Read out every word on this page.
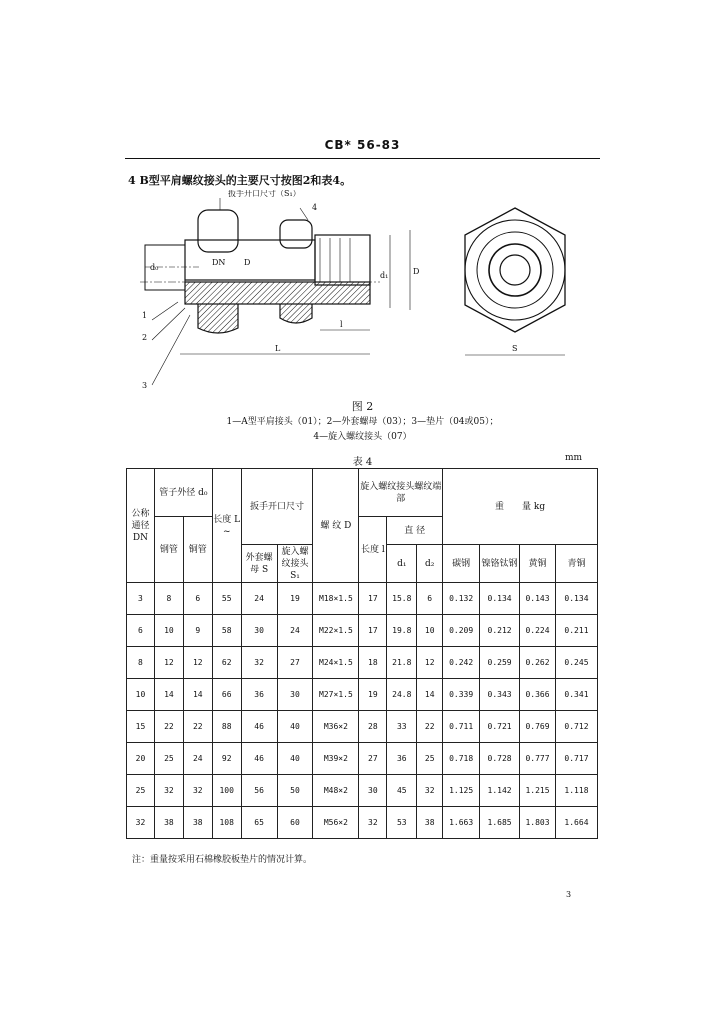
CB* 56-83
4 B型平肩螺纹接头的主要尺寸按图2和表4。
扳手开口尺寸（S₁）
4
1
2
3
DN D
d₀
d₁	D
l
L	S
图 2
1—A型平肩接头（01）；2—外套螺母（03）；3—垫片（04或05）；
4—旋入螺纹接头（07）
表 4	mm
公称通径 DN	管子外径 d₀		长度 L ~	扳手开口尺寸		螺 纹 D	旋入螺纹接头螺纹端部			重　　量 kg			
	钢管	铜管					长度 l	直 径					
				外套螺母 S	旋入螺纹接头 S₁			d₁	d₂	碳钢	镍铬钛钢	黄铜	青铜
3	8	6	55	24	19	M18×1.5	17	15.8	6	0.132	0.134	0.143	0.134
6	10	9	58	30	24	M22×1.5	17	19.8	10	0.209	0.212	0.224	0.211
8	12	12	62	32	27	M24×1.5	18	21.8	12	0.242	0.259	0.262	0.245
10	14	14	66	36	30	M27×1.5	19	24.8	14	0.339	0.343	0.366	0.341
15	22	22	88	46	40	M36×2	28	33	22	0.711	0.721	0.769	0.712
20	25	24	92	46	40	M39×2	27	36	25	0.718	0.728	0.777	0.717
25	32	32	100	56	50	M48×2	30	45	32	1.125	1.142	1.215	1.118
32	38	38	108	65	60	M56×2	32	53	38	1.663	1.685	1.803	1.664
注：重量按采用石棉橡胶板垫片的情况计算。
3
